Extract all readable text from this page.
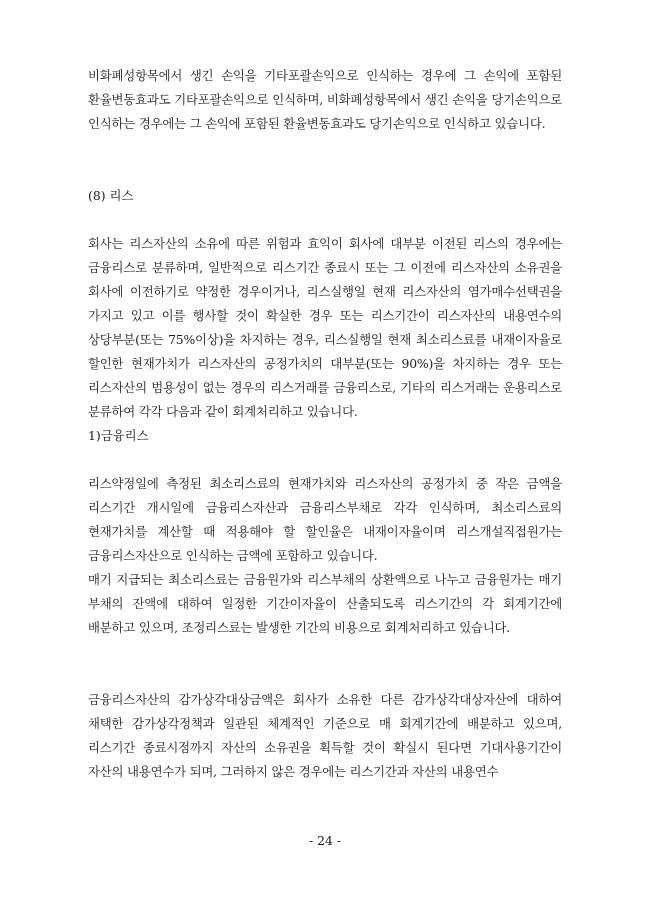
비화폐성항목에서 생긴 손익을 기타포괄손익으로 인식하는 경우에 그 손익에 포함된 환율변동효과도 기타포괄손익으로 인식하며, 비화폐성항목에서 생긴 손익을 당기손익으로 인식하는 경우에는 그 손익에 포함된 환율변동효과도 당기손익으로 인식하고 있습니다.

(8) 리스

회사는 리스자산의 소유에 따른 위험과 효익이 회사에 대부분 이전된 리스의 경우에는 금융리스로 분류하며, 일반적으로 리스기간 종료시 또는 그 이전에 리스자산의 소유권을 회사에 이전하기로 약정한 경우이거나, 리스실행일 현재 리스자산의 염가매수선택권을 가지고 있고 이를 행사할 것이 확실한 경우 또는 리스기간이 리스자산의 내용연수의 상당부분(또는 75%이상)을 차지하는 경우, 리스실행일 현재 최소리스료를 내재이자율로 할인한 현재가치가 리스자산의 공정가치의 대부분(또는 90%)을 차지하는 경우 또는 리스자산의 범용성이 없는 경우의 리스거래를 금융리스로, 기타의 리스거래는 운용리스로 분류하여 각각 다음과 같이 회계처리하고 있습니다.

1)금융리스

리스약정일에 측정된 최소리스료의 현재가치와 리스자산의 공정가치 중 작은 금액을 리스기간 개시일에 금융리스자산과 금융리스부채로 각각 인식하며, 최소리스료의 현재가치를 계산할 때 적용해야 할 할인율은 내재이자율이며 리스개설직접원가는 금융리스자산으로 인식하는 금액에 포함하고 있습니다.

매기 지급되는 최소리스료는 금융원가와 리스부채의 상환액으로 나누고 금융원가는 매기 부채의 잔액에 대하여 일정한 기간이자율이 산출되도록 리스기간의 각 회계기간에 배분하고 있으며, 조정리스료는 발생한 기간의 비용으로 회계처리하고 있습니다.

금융리스자산의 감가상각대상금액은 회사가 소유한 다른 감가상각대상자산에 대하여 채택한 감가상각정책과 일관된 체계적인 기준으로 매 회계기간에 배분하고 있으며, 리스기간 종료시점까지 자산의 소유권을 획득할 것이 확실시 된다면 기대사용기간이 자산의 내용연수가 되며, 그러하지 않은 경우에는 리스기간과 자산의 내용연수

- 24 -
